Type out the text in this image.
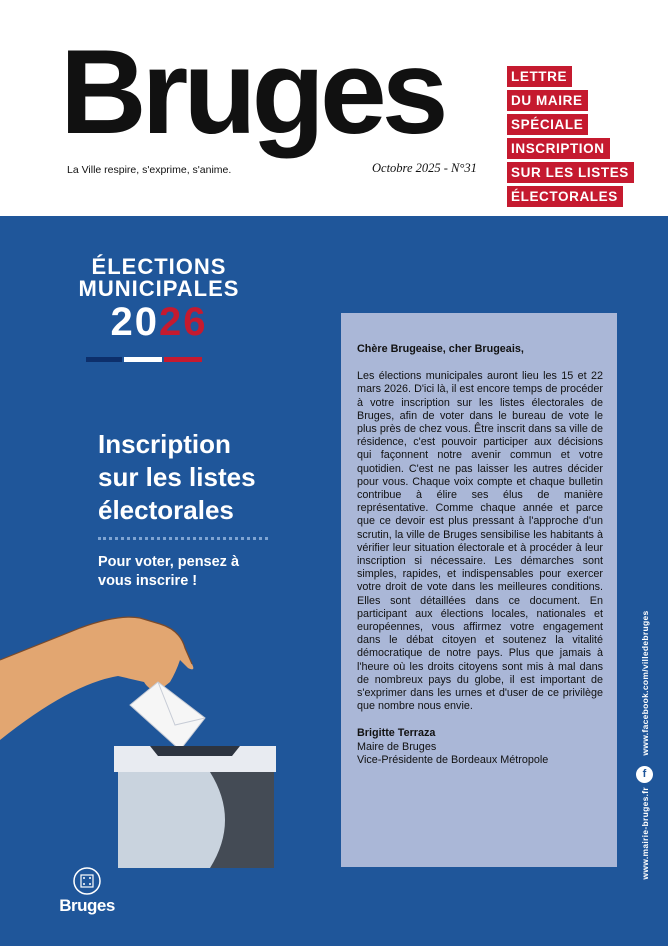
Bruges
La Ville respire, s'exprime, s'anime.	Octobre 2025 - N°31
LETTRE
DU MAIRE
SPÉCIALE
INSCRIPTION
SUR LES LISTES
ÉLECTORALES
ÉLECTIONS
MUNICIPALES
2026
Inscription
sur les listes
électorales
Pour voter, pensez à
vous inscrire !

Chère Brugeaise, cher Brugeais,

Les élections municipales auront lieu les 15 et 22 mars 2026. D'ici là, il est encore temps de procéder à votre inscription sur les listes électorales de Bruges, afin de voter dans le bureau de vote le plus près de chez vous. Être inscrit dans sa ville de résidence, c'est pouvoir participer aux décisions qui façonnent notre avenir commun et votre quotidien. C'est ne pas laisser les autres décider pour vous. Chaque voix compte et chaque bulletin contribue à élire ses élus de manière représentative. Comme chaque année et parce que ce devoir est plus pressant à l'approche d'un scrutin, la ville de Bruges sensibilise les habitants à vérifier leur situation électorale et à procéder à leur inscription si nécessaire. Les démarches sont simples, rapides, et indispensables pour exercer votre droit de vote dans les meilleures conditions. Elles sont détaillées dans ce document. En participant aux élections locales, nationales et européennes, vous affirmez votre engagement dans le débat citoyen et soutenez la vitalité démocratique de notre pays. Plus que jamais à l'heure où les droits citoyens sont mis à mal dans de nombreux pays du globe, il est important de s'exprimer dans les urnes et d'user de ce privilège que nombre nous envie.

Brigitte Terraza

Maire de Bruges

Vice-Présidente de Bordeaux Métropole

www.mairie-bruges.fr  www.facebook.com/villedebruges
f
Bruges
